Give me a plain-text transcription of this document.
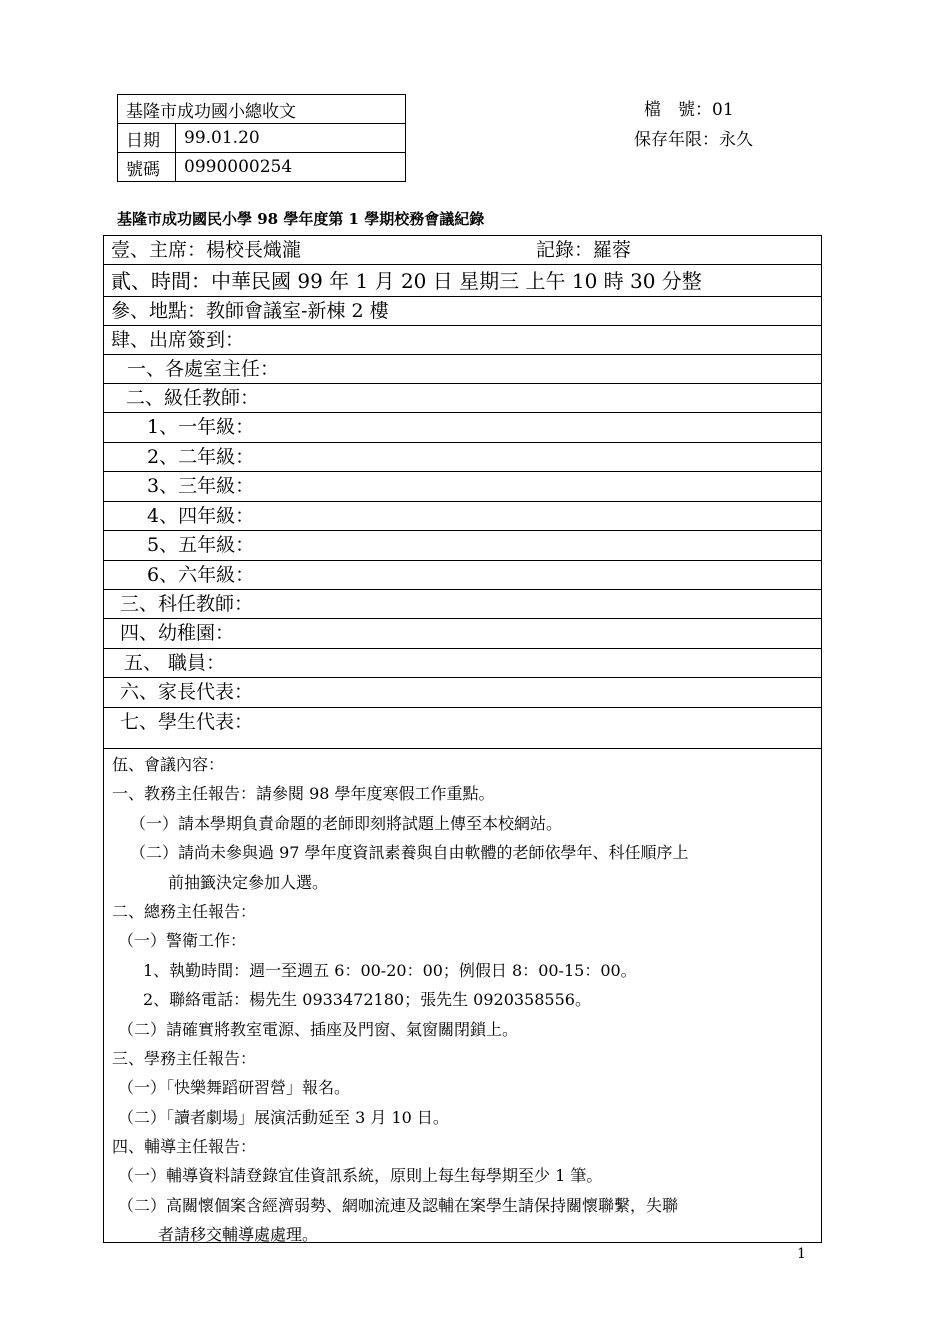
基隆市成功國小總收文	
日期	99.01.20
號碼	0990000254
檔　號：01
保存年限：永久
基隆市成功國民小學 98 學年度第 1 學期校務會議紀錄
壹、主席：楊校長熾瀧	記錄：羅蓉
貳、時間：中華民國 99 年 1 月 20 日 星期三 上午 10 時 30 分整
參、地點：教師會議室-新棟 2 樓
肆、出席簽到：
一、各處室主任：
二、級任教師：
1、一年級：
2、二年級：
3、三年級：
4、四年級：
5、五年級：
6、六年級：
三、科任教師：
四、幼稚園：
五、 職員：
六、家長代表：
七、學生代表：
伍、會議內容：
一、教務主任報告：請參閱 98 學年度寒假工作重點。
（一）請本學期負責命題的老師即刻將試題上傳至本校網站。
（二）請尚未參與過 97 學年度資訊素養與自由軟體的老師依學年、科任順序上
前抽籤決定參加人選。
二、總務主任報告：
（一）警衛工作：
1、執勤時間：週一至週五 6：00-20：00；例假日 8：00-15：00。
2、聯絡電話：楊先生 0933472180；張先生 0920358556。
（二）請確實將教室電源、插座及門窗、氣窗關閉鎖上。
三、學務主任報告：
（一）「快樂舞蹈研習營」報名。
（二）「讀者劇場」展演活動延至 3 月 10 日。
四、輔導主任報告：
（一）輔導資料請登錄宜佳資訊系統，原則上每生每學期至少 1 筆。
（二）高關懷個案含經濟弱勢、網咖流連及認輔在案學生請保持關懷聯繫，失聯
者請移交輔導處處理。
1
